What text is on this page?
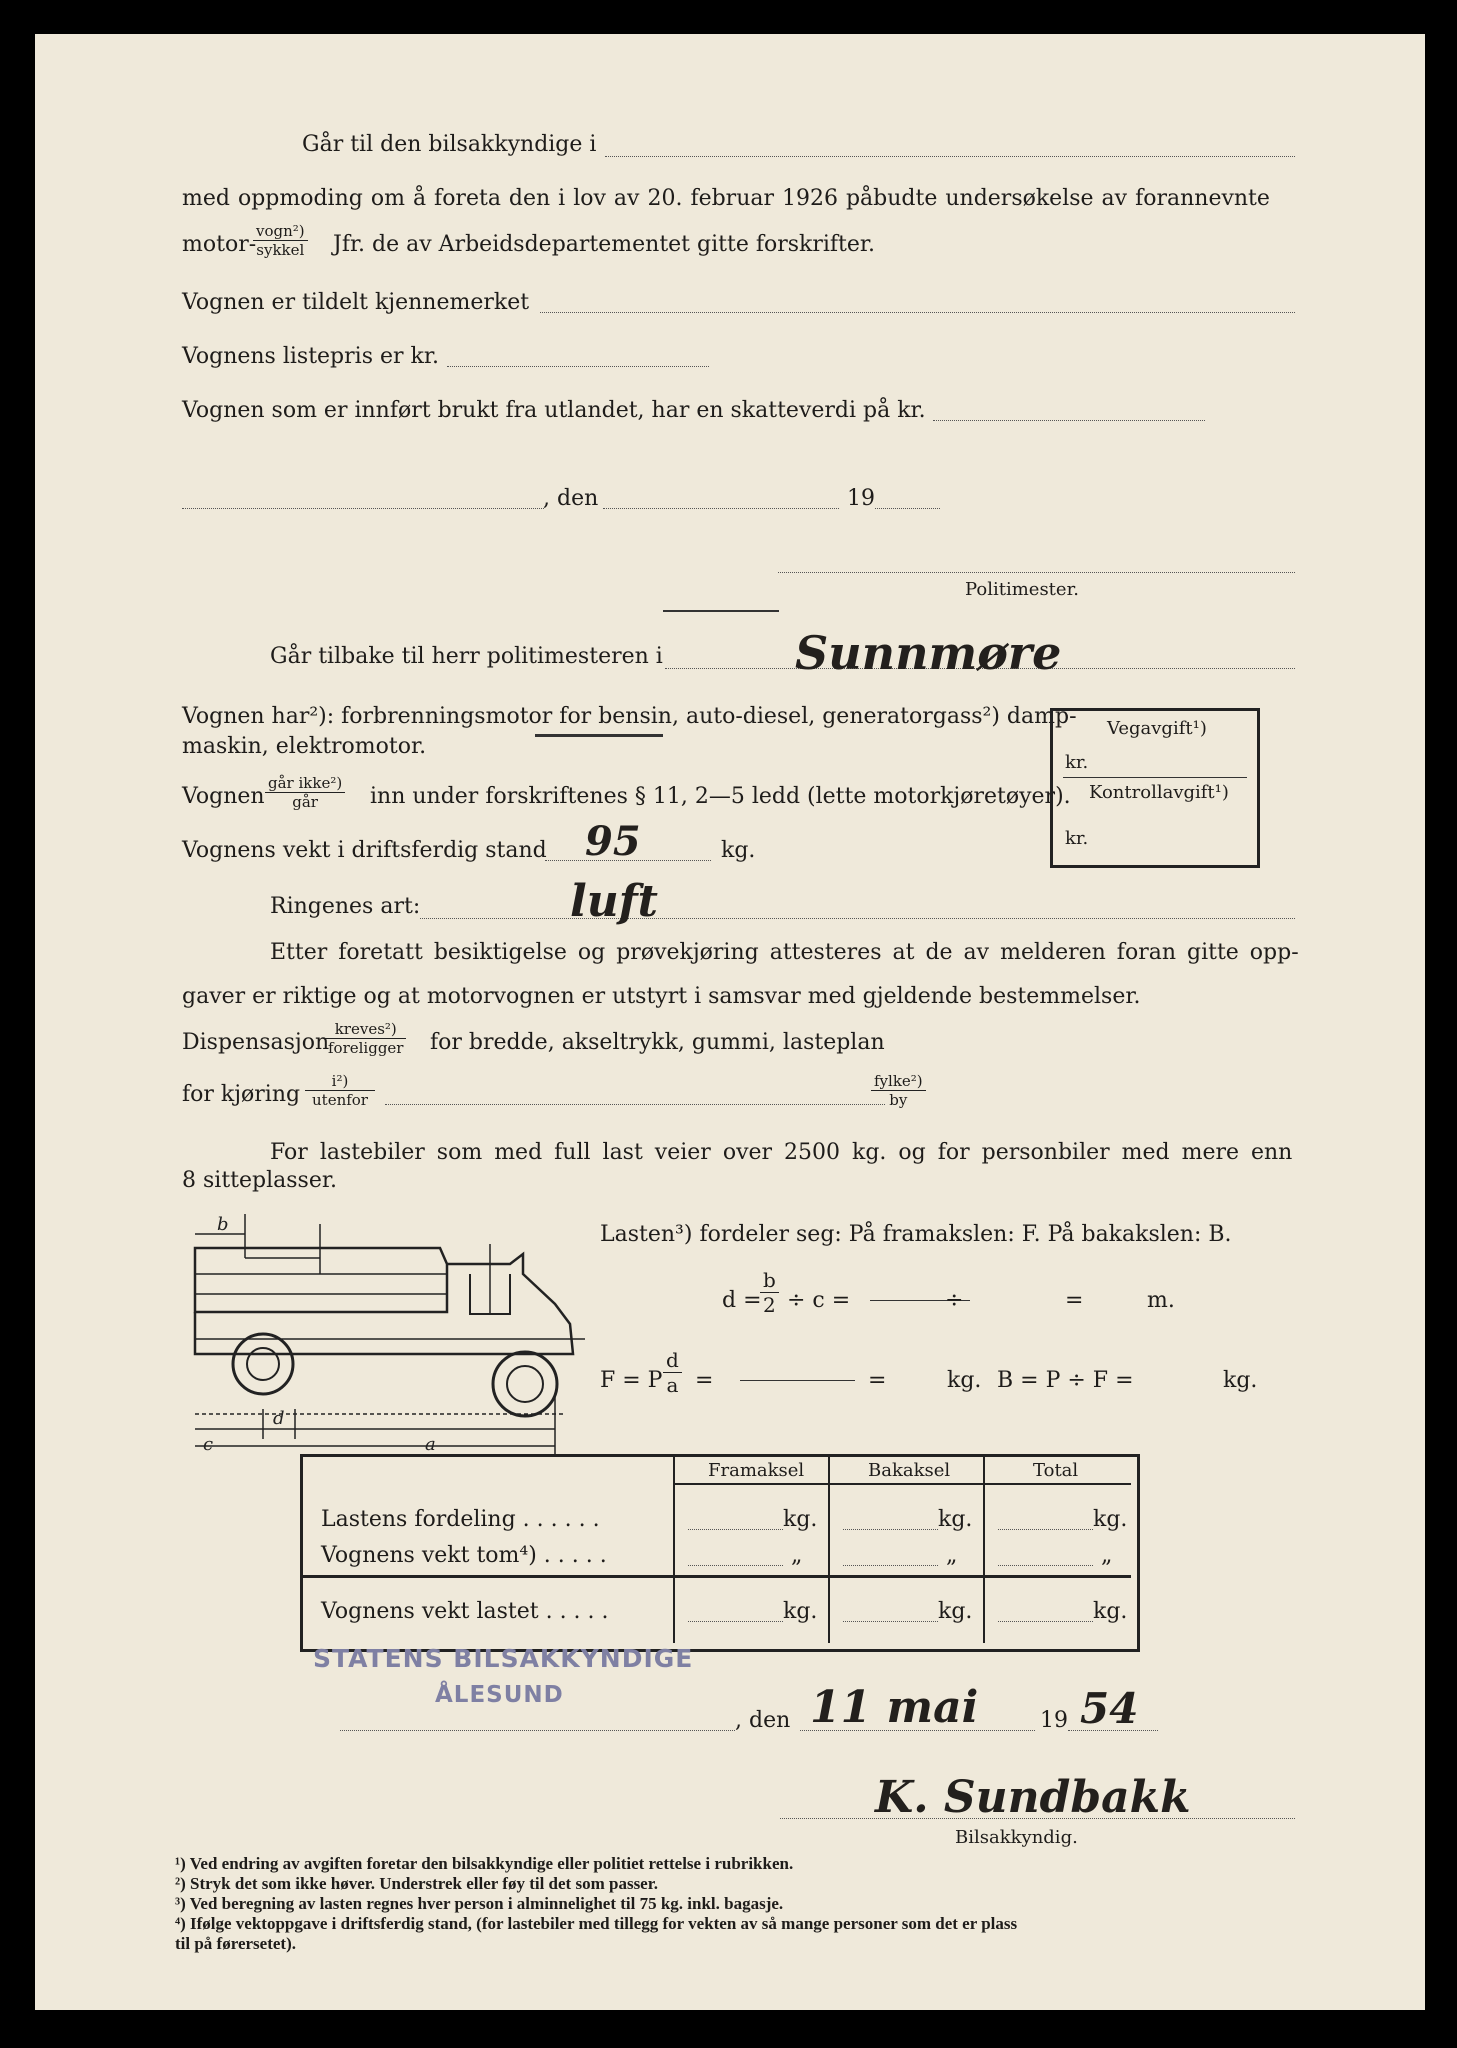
Går til den bilsakkyndige i
med oppmoding om å foreta den i lov av 20. februar 1926 påbudte undersøkelse av forannevnte
motor-
vogn²)
sykkel Jfr. de av Arbeidsdepartementet gitte forskrifter.
Vognen er tildelt kjennemerket
Vognens listepris er kr.
Vognen som er innført brukt fra utlandet, har en skatteverdi på kr.
, den	19
Politimester.
Går tilbake til herr politimesteren i	Sunnmøre
Vognen har²): forbrenningsmotor for bensin, auto-diesel, generatorgass²) damp-
maskin, elektromotor.
Vognen
går ikke²)
går	inn under forskriftenes § 11, 2—5 ledd (lette motorkjøretøyer).
Vognens vekt i driftsferdig stand 95	kg.
Ringenes art:	luft
Etter foretatt besiktigelse og prøvekjøring attesteres at de av melderen foran gitte opp-
gaver er riktige og at motorvognen er utstyrt i samsvar med gjeldende bestemmelser.
Dispensasjon
kreves²)
foreligger for bredde, akseltrykk, gummi, lasteplan
for kjøring
i²)
utenfor
fylke²)
by
For lastebiler som med full last veier over 2500 kg. og for personbiler med mere enn
8 sitteplasser.
Vegavgift¹)
kr.
Kontrollavgift¹)
kr.
b
c
d
a
Lasten³) fordeler seg: På framakslen: F. På bakakslen: B.
d =
$\frac{b}{2} \div c$ =	÷	=	m.
F = P $\frac{d}{a}$ =	=	kg. B = P ÷ F =	kg.
Framaksel	Bakaksel	Total
Lastens fordeling . . . . . .	kg.	kg.	kg.
Vognens vekt tom⁴) . . . . .	„	„	„
Vognens vekt lastet . . . . .	kg.	kg.	kg.
STATENS BILSAKKYNDIGE
ÅLESUND
, den 11 mai	19 54
K. Sundbakk
Bilsakkyndig.
¹) Ved endring av avgiften foretar den bilsakkyndige eller politiet rettelse i rubrikken.
²) Stryk det som ikke høver. Understrek eller føy til det som passer.
³) Ved beregning av lasten regnes hver person i alminnelighet til 75 kg. inkl. bagasje.
⁴) Ifølge vektoppgave i driftsferdig stand, (for lastebiler med tillegg for vekten av så mange personer som det er plass
til på førersetet).
